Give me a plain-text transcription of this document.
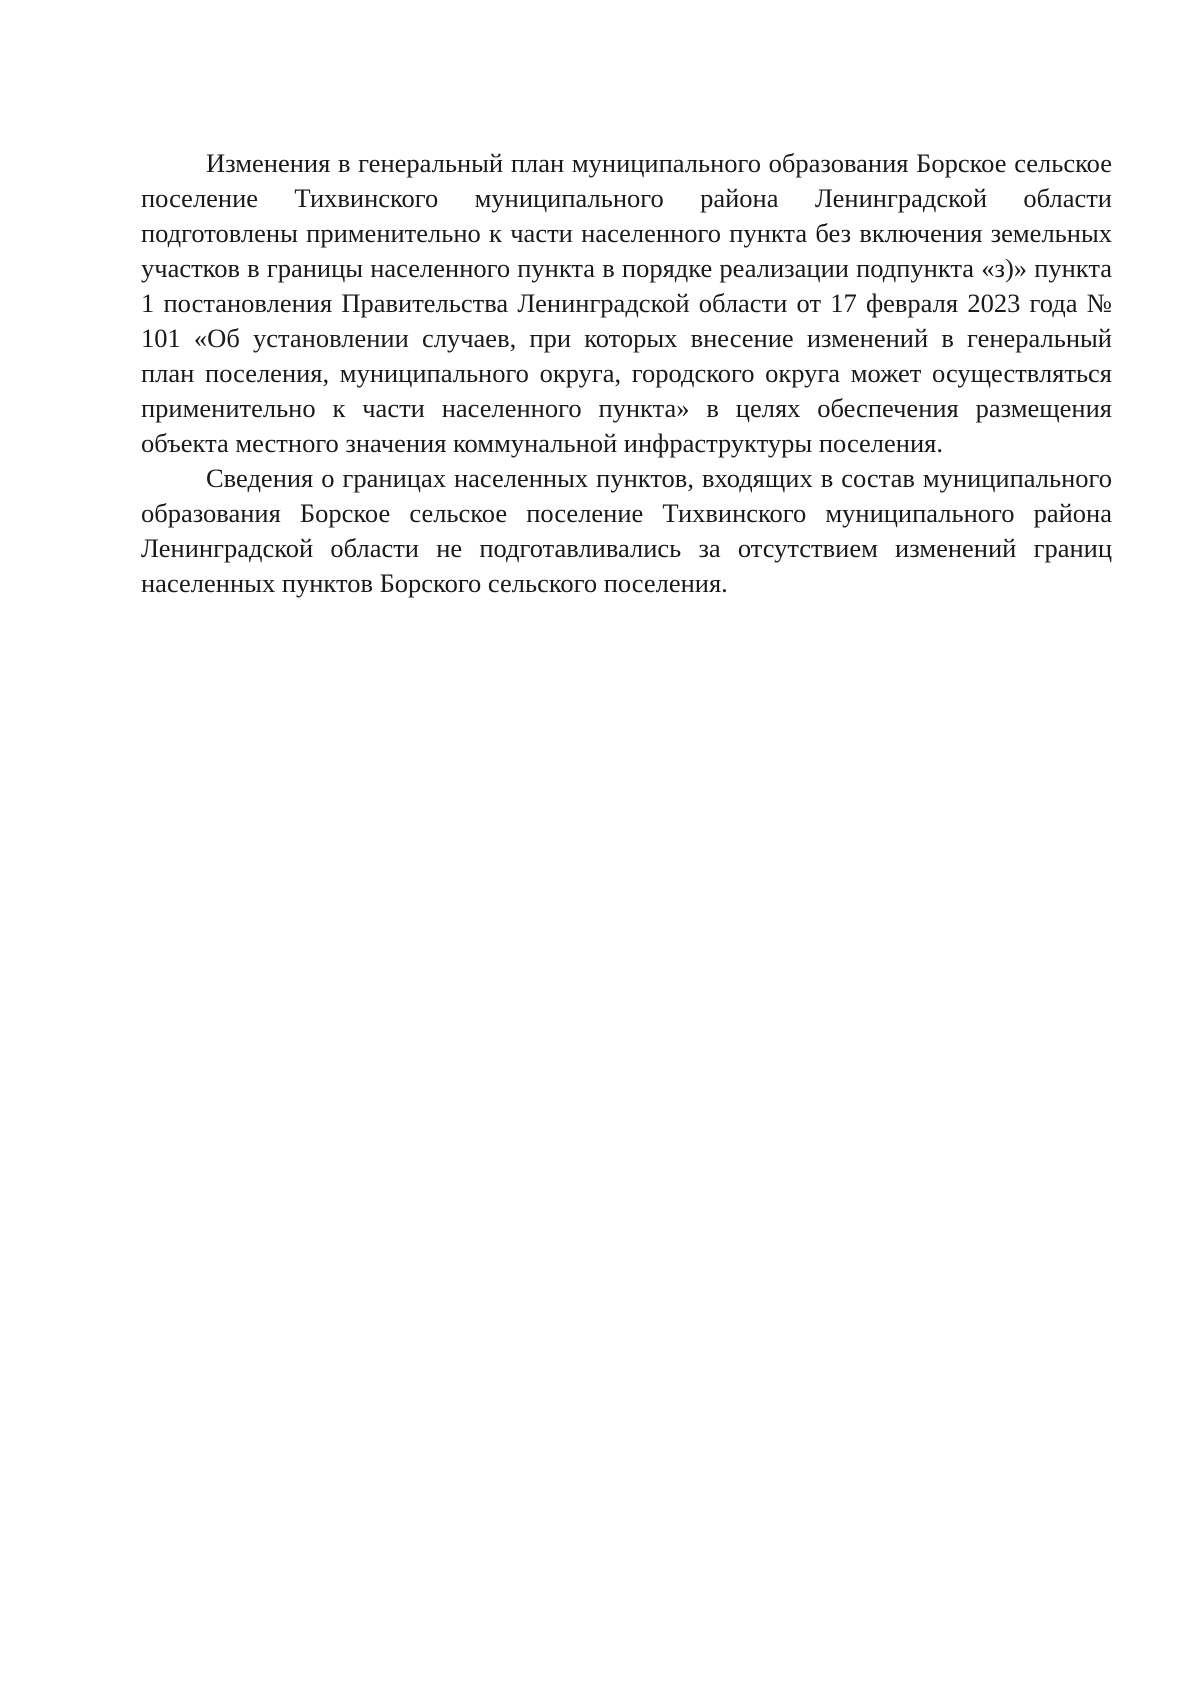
Изменения в генеральный план муниципального образования Борское сельское поселение Тихвинского муниципального района Ленинградской области подготовлены применительно к части населенного пункта без включения земельных участков в границы населенного пункта в порядке реализации подпункта «з)» пункта 1 постановления Правительства Ленинградской области от 17 февраля 2023 года № 101 «Об установлении случаев, при которых внесение изменений в генеральный план поселения, муниципального округа, городского округа может осуществляться применительно к части населенного пункта» в целях обеспечения размещения объекта местного значения коммунальной инфраструктуры поселения.

Сведения о границах населенных пунктов, входящих в состав муниципального образования Борское сельское поселение Тихвинского муниципального района Ленинградской области не подготавливались за отсутствием изменений границ населенных пунктов Борского сельского поселения.
